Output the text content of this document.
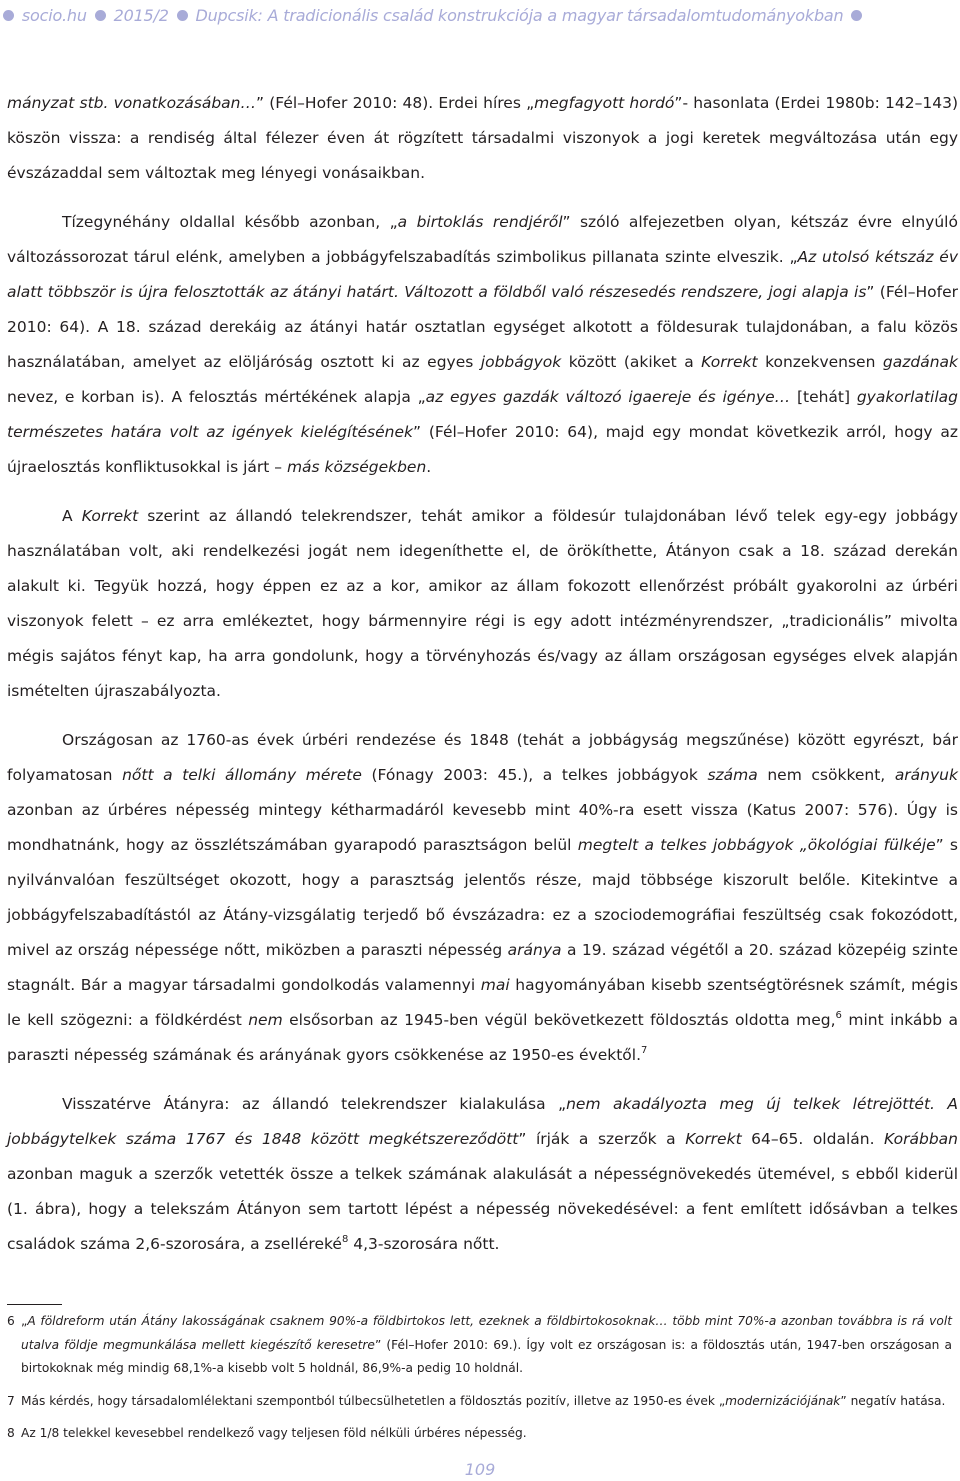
socio.hu 2015/2 Dupcsik: A tradicionális család konstrukciója a magyar társadalomtudományokban

mányzat stb. vonatkozásában…” (Fél–Hofer 2010: 48). Erdei híres „megfagyott hordó”- hasonlata (Erdei 1980b: 142–143) köszön vissza: a rendiség által félezer éven át rögzített társadalmi viszonyok a jogi keretek megváltozása után egy évszázaddal sem változtak meg lényegi vonásaikban.

Tízegynéhány oldallal később azonban, „a birtoklás rendjéről” szóló alfejezetben olyan, kétszáz évre elnyúló változássorozat tárul elénk, amelyben a jobbágyfelszabadítás szimbolikus pillanata szinte elveszik. „Az utolsó kétszáz év alatt többször is újra felosztották az átányi határt. Változott a földből való részesedés rendszere, jogi alapja is” (Fél–Hofer 2010: 64). A 18. század derekáig az átányi határ osztatlan egységet alkotott a földesurak tulajdonában, a falu közös használatában, amelyet az elöljáróság osztott ki az egyes jobbágyok között (akiket a Korrekt konzekvensen gazdának nevez, e korban is). A felosztás mértékének alapja „az egyes gazdák változó igaereje és igénye… [tehát] gyakorlatilag természetes határa volt az igények kielégítésének” (Fél–Hofer 2010: 64), majd egy mondat következik arról, hogy az újraelosztás konfliktusokkal is járt – más községekben.

A Korrekt szerint az állandó telekrendszer, tehát amikor a földesúr tulajdonában lévő telek egy-egy jobbágy használatában volt, aki rendelkezési jogát nem idegeníthette el, de örökíthette, Átányon csak a 18. század derekán alakult ki. Tegyük hozzá, hogy éppen ez az a kor, amikor az állam fokozott ellenőrzést próbált gyakorolni az úrbéri viszonyok felett – ez arra emlékeztet, hogy bármennyire régi is egy adott intézményrendszer, „tradicionális” mivolta mégis sajátos fényt kap, ha arra gondolunk, hogy a törvényhozás és/vagy az állam országosan egységes elvek alapján ismételten újraszabályozta.

Országosan az 1760-as évek úrbéri rendezése és 1848 (tehát a jobbágyság megszűnése) között egyrészt, bár folyamatosan nőtt a telki állomány mérete (Fónagy 2003: 45.), a telkes jobbágyok száma nem csökkent, arányuk azonban az úrbéres népesség mintegy kétharmadáról kevesebb mint 40%-ra esett vissza (Katus 2007: 576). Úgy is mondhatnánk, hogy az összlétszámában gyarapodó parasztságon belül megtelt a telkes jobbágyok „ökológiai fülkéje” s nyilvánvalóan feszültséget okozott, hogy a parasztság jelentős része, majd többsége kiszorult belőle. Kitekintve a jobbágyfelszabadítástól az Átány-vizsgálatig terjedő bő évszázadra: ez a szociodemográfiai feszültség csak fokozódott, mivel az ország népessége nőtt, miközben a paraszti népesség aránya a 19. század végétől a 20. század közepéig szinte stagnált. Bár a magyar társadalmi gondolkodás valamennyi mai hagyományában kisebb szentségtörésnek számít, mégis le kell szögezni: a földkérdést nem elsősorban az 1945-ben végül bekövetkezett földosztás oldotta meg,$^6$ mint inkább a paraszti népesség számának és arányának gyors csökkenése az 1950-es évektől.$^7$

Visszatérve Átányra: az állandó telekrendszer kialakulása „nem akadályozta meg új telkek létrejöttét. A jobbágytelkek száma 1767 és 1848 között megkétszereződött” írják a szerzők a Korrekt 64–65. oldalán. Korábban azonban maguk a szerzők vetették össze a telkek számának alakulását a népességnövekedés ütemével, s ebből kiderül (1. ábra), hogy a telekszám Átányon sem tartott lépést a népesség növekedésével: a fent említett idősávban a telkes családok száma 2,6-szorosára, a zselléreké$^8$ 4,3-szorosára nőtt.

6 „A földreform után Átány lakosságának csaknem 90%-a földbirtokos lett, ezeknek a földbirtokosoknak… több mint 70%-a azonban továbbra is rá volt utalva földje megmunkálása mellett kiegészítő keresetre” (Fél–Hofer 2010: 69.). Így volt ez országosan is: a földosztás után, 1947-ben országosan a birtokoknak még mindig 68,1%-a kisebb volt 5 holdnál, 86,9%-a pedig 10 holdnál.
7 Más kérdés, hogy társadalomlélektani szempontból túlbecsülhetetlen a földosztás pozitív, illetve az 1950-es évek „modernizációjának” negatív hatása.
8 Az 1/8 telekkel kevesebbel rendelkező vagy teljesen föld nélküli úrbéres népesség.
109
